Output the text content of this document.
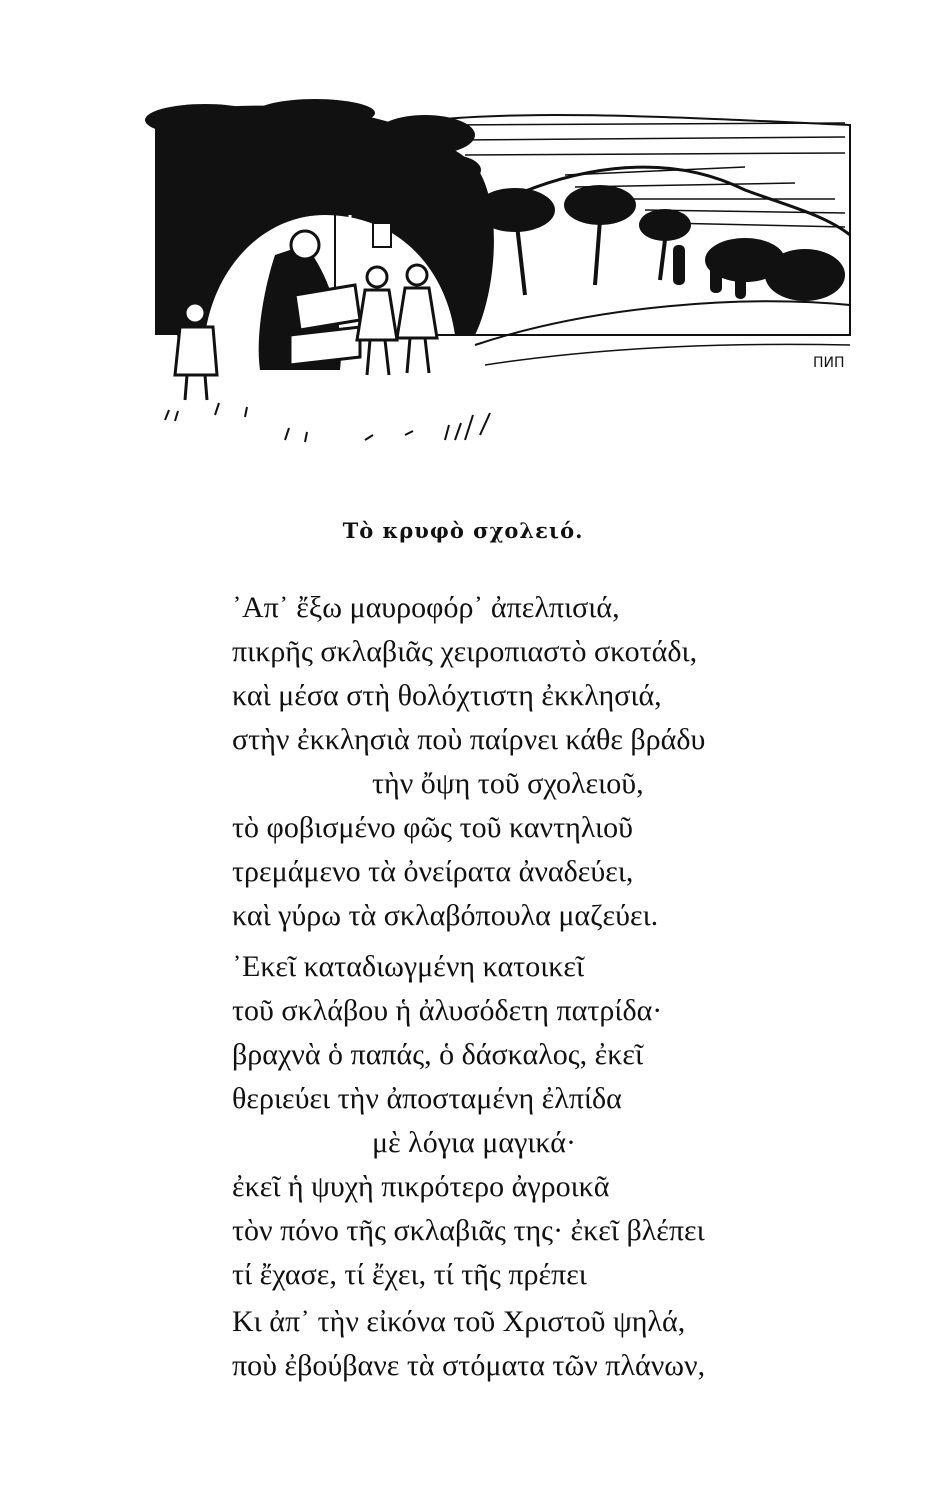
ПИП
Τὸ κρυφὸ σχολειό.
᾿Απ᾿ ἔξω μαυροφόρ᾿ ἀπελπισιά,
πικρῆς σκλαβιᾶς χειροπιαστὸ σκοτάδι,
καὶ μέσα στὴ θολόχτιστη ἐκκλησιά,
στὴν ἐκκλησιὰ ποὺ παίρνει κάθε βράδυ
τὴν ὄψη τοῦ σχολειοῦ,
τὸ φοβισμένο φῶς τοῦ καντηλιοῦ
τρεμάμενο τὰ ὀνείρατα ἀναδεύει,
καὶ γύρω τὰ σκλαβόπουλα μαζεύει.
᾿Εκεῖ καταδιωγμένη κατοικεῖ
τοῦ σκλάβου ἡ ἀλυσόδετη πατρίδα·
βραχνὰ ὁ παπάς, ὁ δάσκαλος, ἐκεῖ
θεριεύει τὴν ἀποσταμένη ἐλπίδα
μὲ λόγια μαγικά·
ἐκεῖ ἡ ψυχὴ πικρότερο ἀγροικᾶ
τὸν πόνο τῆς σκλαβιᾶς της· ἐκεῖ βλέπει
τί ἔχασε, τί ἔχει, τί τῆς πρέπει
Κι ἀπ᾿ τὴν εἰκόνα τοῦ Χριστοῦ ψηλά,
ποὺ ἐβούβανε τὰ στόματα τῶν πλάνων,
